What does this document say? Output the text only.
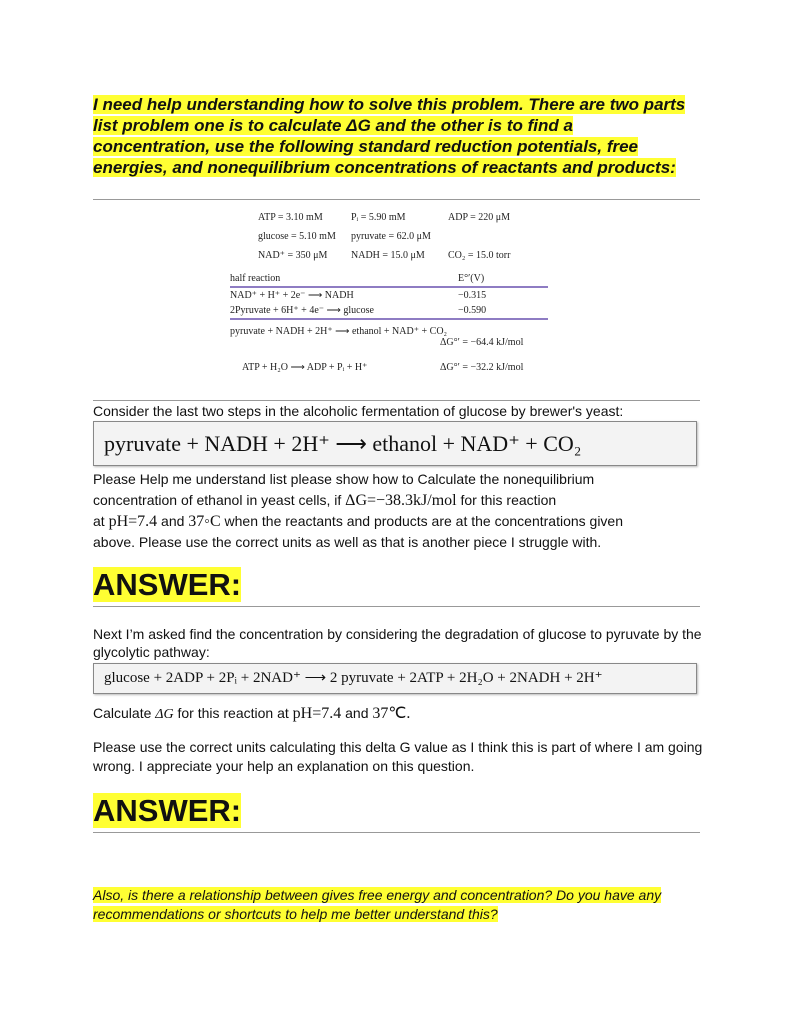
I need help understanding how to solve this problem. There are two parts list problem one is to calculate ΔG and the other is to find a concentration, use the following standard reduction potentials, free energies, and nonequilibrium concentrations of reactants and products:
ATP = 3.10 mM	Pᵢ = 5.90 mM	ADP = 220 μM
glucose = 5.10 mM	pyruvate = 62.0 μM
NAD⁺ = 350 μM	NADH = 15.0 μM	CO₂ = 15.0 torr
half reaction	E°′(V)
NAD⁺ + H⁺ + 2e⁻ ⟶ NADH	−0.315
2Pyruvate + 6H⁺ + 4e⁻ ⟶ glucose	−0.590
pyruvate + NADH + 2H⁺ ⟶ ethanol + NAD⁺ + CO₂
ΔG°′ = −64.4 kJ/mol
ATP + H₂O ⟶ ADP + Pᵢ + H⁺	ΔG°′ = −32.2 kJ/mol
Consider the last two steps in the alcoholic fermentation of glucose by brewer's yeast:
pyruvate + NADH + 2H⁺ ⟶ ethanol + NAD⁺ + CO₂
Please Help me understand list please show how to Calculate the nonequilibrium
concentration of ethanol in yeast cells, if ΔG=−38.3kJ/mol for this reaction
at pH=7.4 and 37◦C when the reactants and products are at the concentrations given
above. Please use the correct units as well as that is another piece I struggle with.
ANSWER:
Next I’m asked find the concentration by considering the degradation of glucose to pyruvate by the glycolytic pathway:
glucose + 2ADP + 2Pᵢ + 2NAD⁺ ⟶ 2 pyruvate + 2ATP + 2H₂O + 2NADH + 2H⁺
Calculate ΔG for this reaction at pH=7.4 and 37℃.
Please use the correct units calculating this delta G value as I think this is part of where I am going wrong. I appreciate your help an explanation on this question.
ANSWER:
Also, is there a relationship between gives free energy and concentration? Do you have any recommendations or shortcuts to help me better understand this?
